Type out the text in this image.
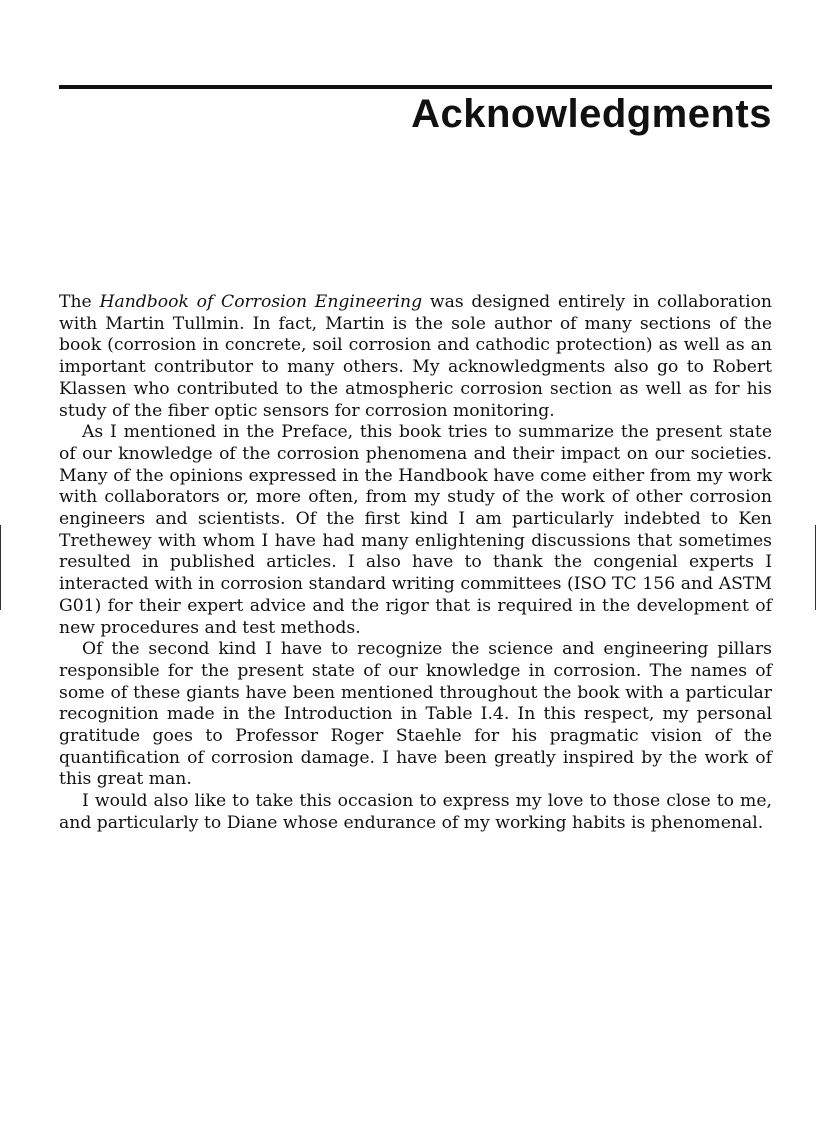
Acknowledgments

The Handbook of Corrosion Engineering was designed entirely in collaboration with Martin Tullmin. In fact, Martin is the sole author of many sections of the book (corrosion in concrete, soil corrosion and cathodic protection) as well as an important contributor to many others. My acknowledgments also go to Robert Klassen who contributed to the atmospheric corrosion section as well as for his study of the fiber optic sensors for corrosion monitoring.

As I mentioned in the Preface, this book tries to summarize the present state of our knowledge of the corrosion phenomena and their impact on our societies. Many of the opinions expressed in the Handbook have come either from my work with collaborators or, more often, from my study of the work of other corrosion engineers and scientists. Of the first kind I am particularly indebted to Ken Trethewey with whom I have had many enlightening discussions that sometimes resulted in published articles. I also have to thank the congenial experts I interacted with in corrosion standard writing committees (ISO TC 156 and ASTM G01) for their expert advice and the rigor that is required in the development of new procedures and test methods.

Of the second kind I have to recognize the science and engineering pillars responsible for the present state of our knowledge in corrosion. The names of some of these giants have been mentioned throughout the book with a particular recognition made in the Introduction in Table I.4. In this respect, my personal gratitude goes to Professor Roger Staehle for his pragmatic vision of the quantification of corrosion damage. I have been greatly inspired by the work of this great man.

I would also like to take this occasion to express my love to those close to me, and particularly to Diane whose endurance of my working habits is phenomenal.
